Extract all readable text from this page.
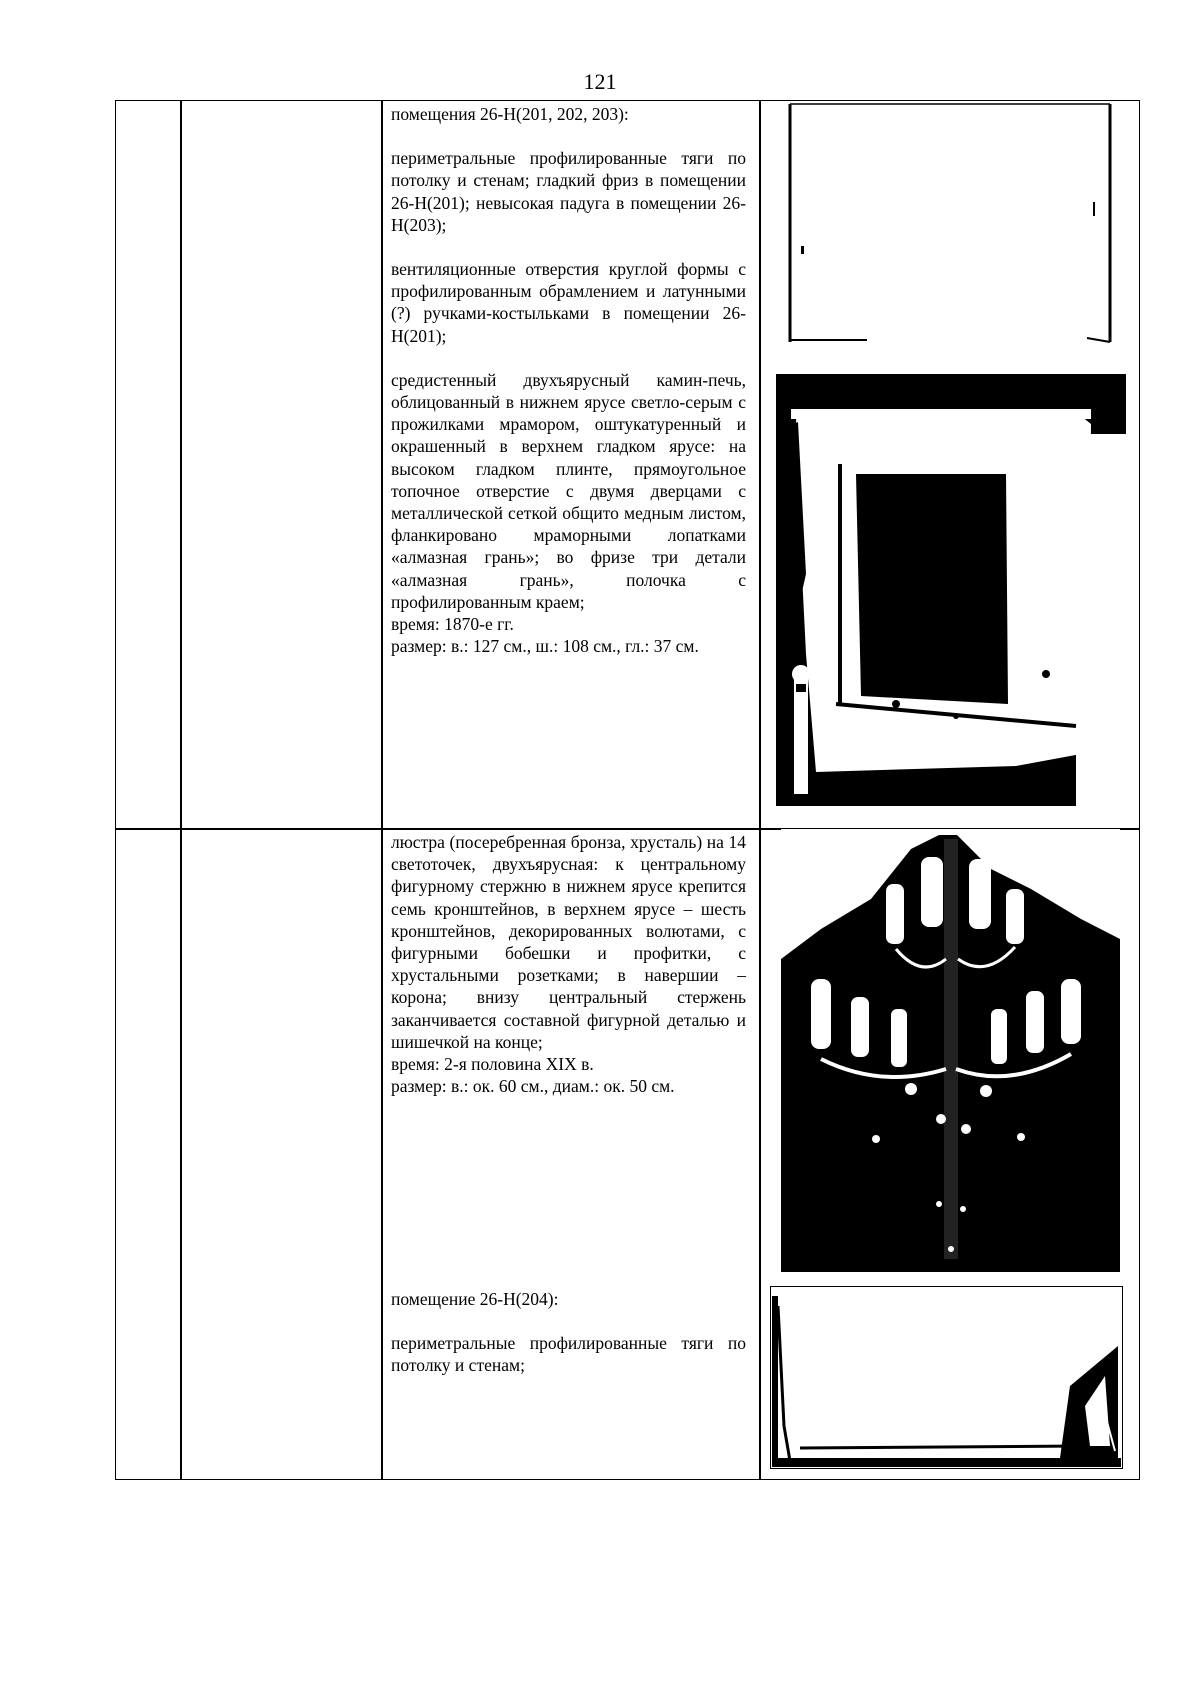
121

помещения 26-Н(201, 202, 203):

периметральные профилированные тяги по потолку и стенам; гладкий фриз в помещении 26-Н(201); невысокая падуга в помещении 26-Н(203);

вентиляционные отверстия круглой формы с профилированным обрамлением и латунными (?) ручками-костыльками в помещении 26-Н(201);

средистенный двухъярусный камин-печь, облицованный в нижнем ярусе светло-серым с прожилками мрамором, оштукатуренный и окрашенный в верхнем гладком ярусе: на высоком гладком плинте, прямоугольное топочное отверстие с двумя дверцами с металлической сеткой общито медным листом, фланкировано мраморными лопатками «алмазная грань»; во фризе три детали «алмазная грань», полочка с профилированным краем;

время: 1870-е гг.

размер: в.: 127 см., ш.: 108 см., гл.: 37 см.

люстра (посеребренная бронза, хрусталь) на 14 светоточек, двухъярусная: к центральному фигурному стержню в нижнем ярусе крепится семь кронштейнов, в верхнем ярусе – шесть кронштейнов, декорированных волютами, с фигурными бобешки и профитки, с хрустальными розетками; в навершии – корона; внизу центральный стержень заканчивается составной фигурной деталью и шишечкой на конце;

время: 2-я половина XIX в.

размер: в.: ок. 60 см., диам.: ок. 50 см.

помещение 26-Н(204):

периметральные профилированные тяги по потолку и стенам;
